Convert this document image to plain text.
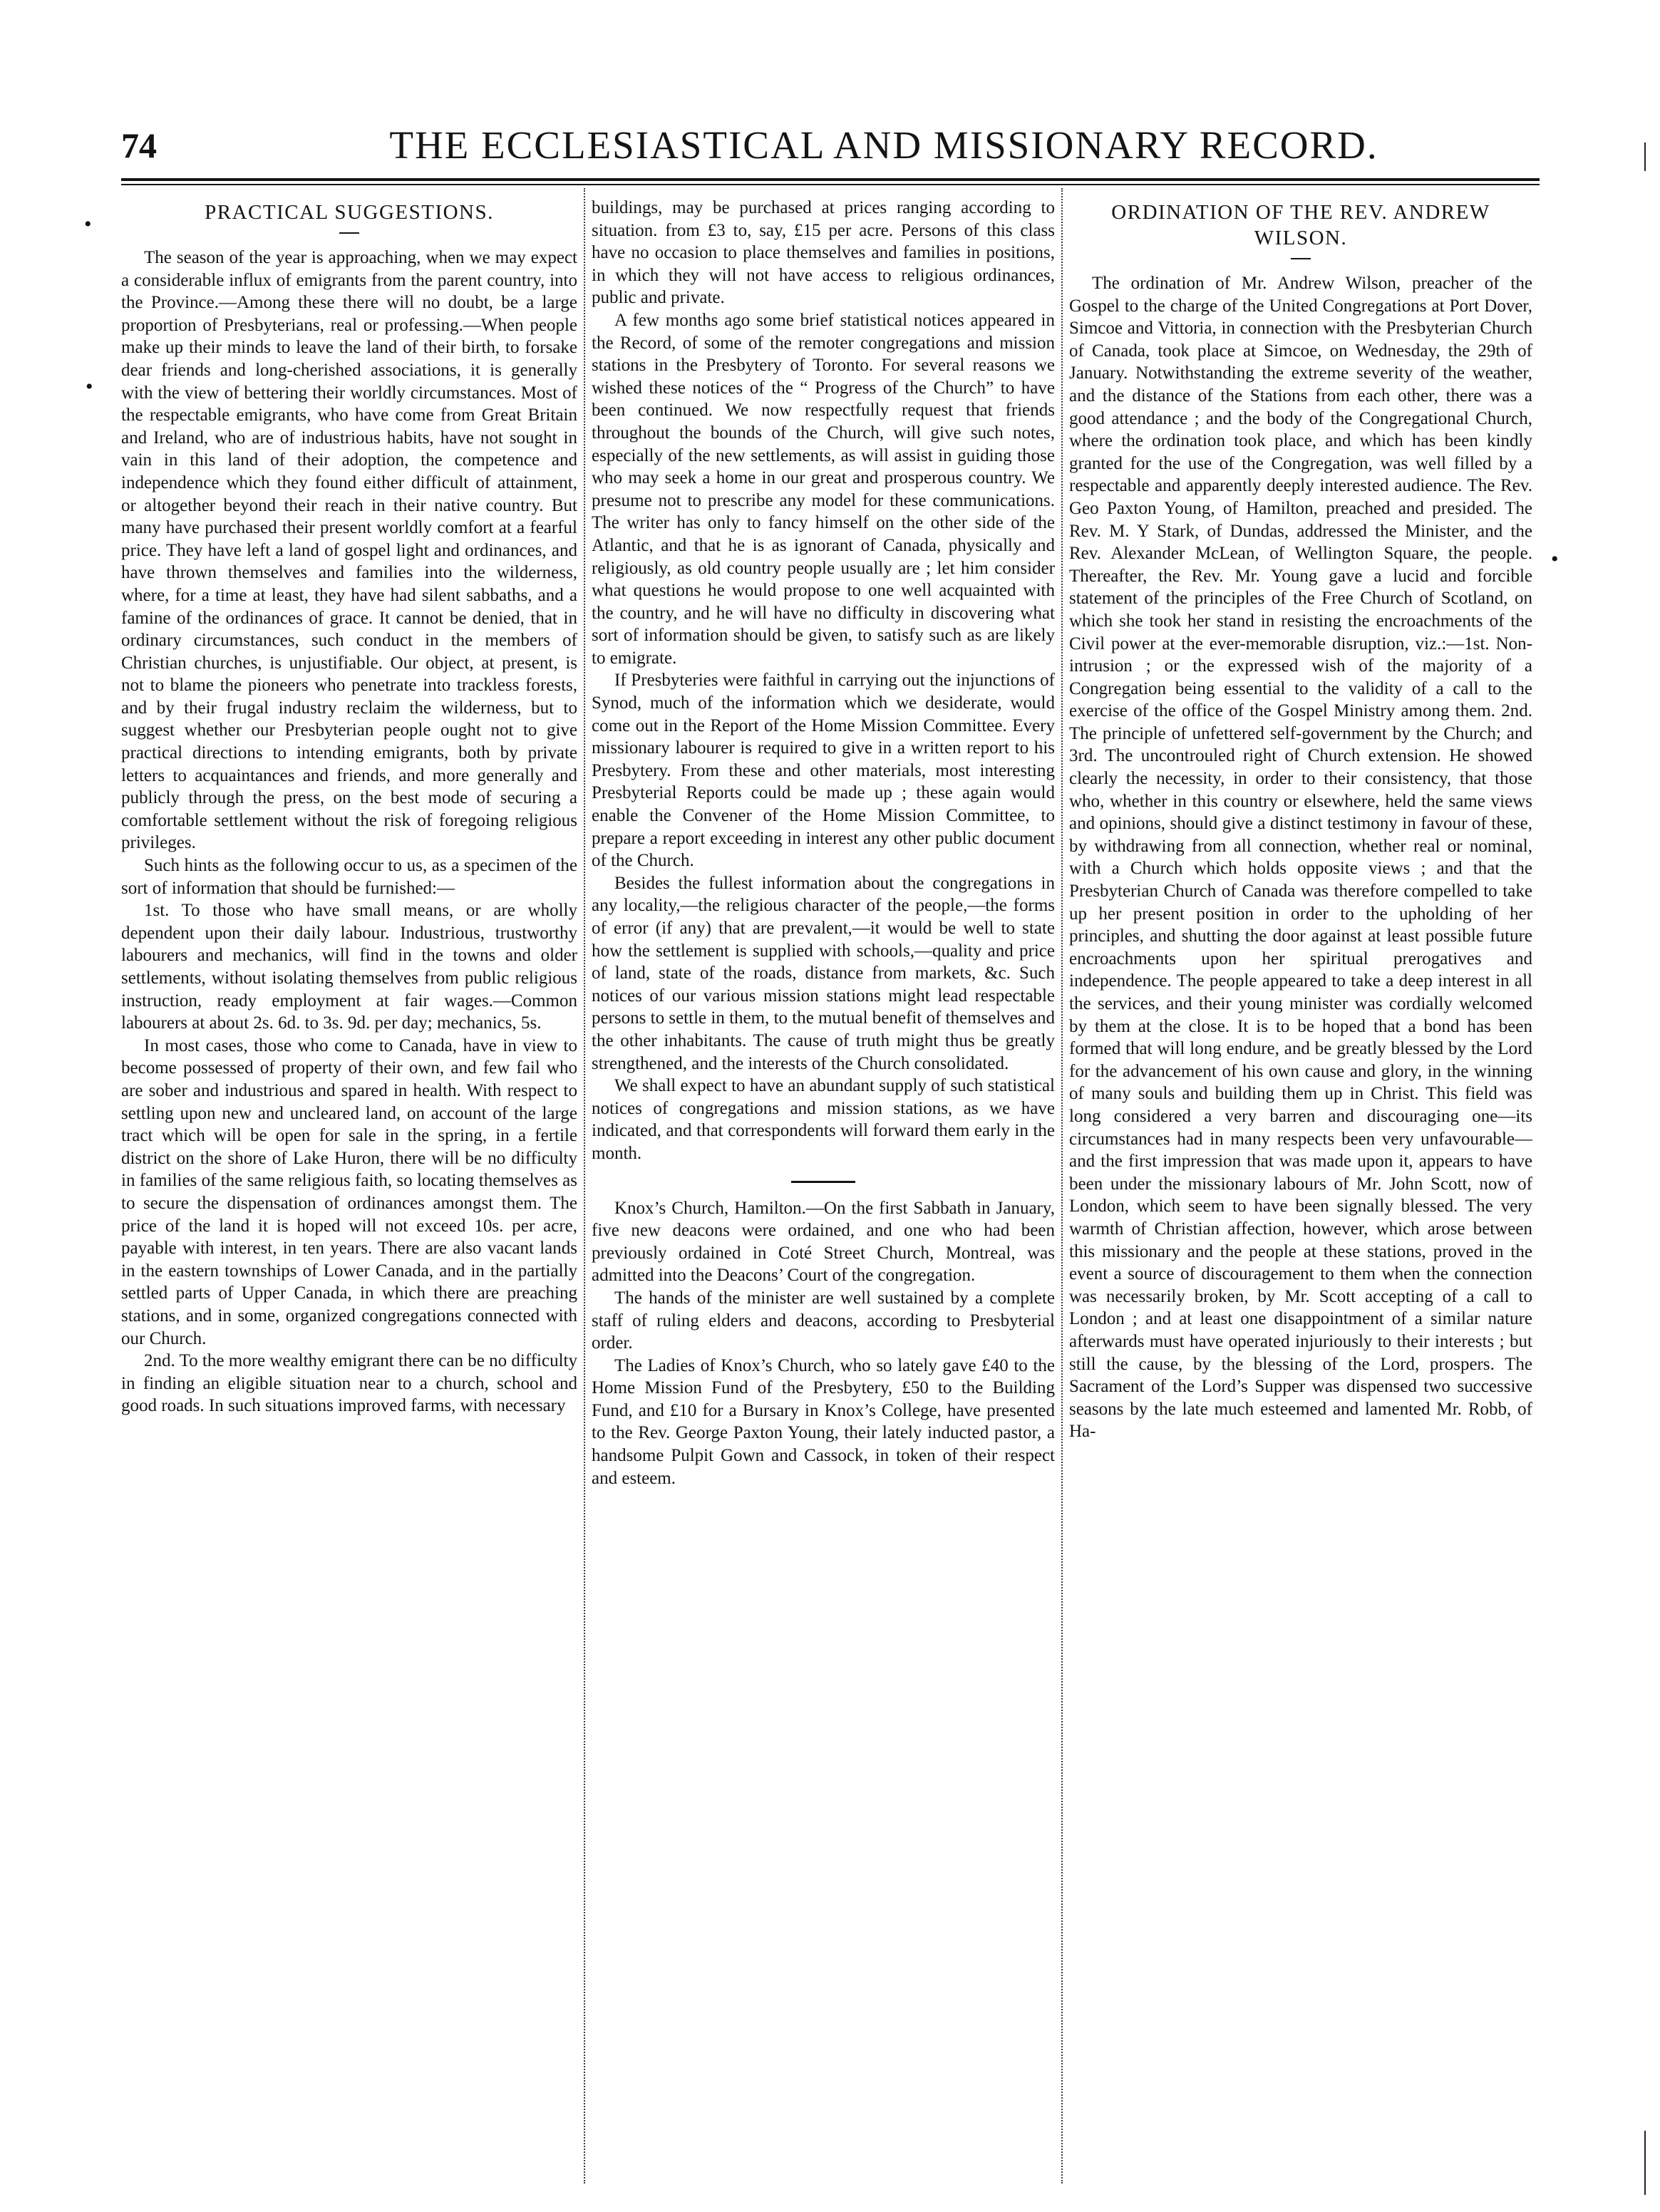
74	THE ECCLESIASTICAL AND MISSIONARY RECORD.
•
•
•
PRACTICAL SUGGESTIONS.

The season of the year is approaching, when we may expect a considerable influx of emigrants from the parent country, into the Province.—Among these there will no doubt, be a large proportion of Presbyterians, real or professing.—When people make up their minds to leave the land of their birth, to forsake dear friends and long-cherished associations, it is generally with the view of bettering their worldly circumstances. Most of the respectable emigrants, who have come from Great Britain and Ireland, who are of industrious habits, have not sought in vain in this land of their adoption, the competence and independence which they found either difficult of attainment, or altogether beyond their reach in their native country. But many have purchased their present worldly comfort at a fearful price. They have left a land of gospel light and ordinances, and have thrown themselves and families into the wilderness, where, for a time at least, they have had silent sabbaths, and a famine of the ordinances of grace. It cannot be denied, that in ordinary circumstances, such conduct in the members of Christian churches, is unjustifiable. Our object, at present, is not to blame the pioneers who penetrate into trackless forests, and by their frugal industry reclaim the wilderness, but to suggest whether our Presbyterian people ought not to give practical directions to intending emigrants, both by private letters to acquaintances and friends, and more generally and publicly through the press, on the best mode of securing a comfortable settlement without the risk of foregoing religious privileges.

Such hints as the following occur to us, as a specimen of the sort of information that should be furnished:—

1st. To those who have small means, or are wholly dependent upon their daily labour. Industrious, trustworthy labourers and mechanics, will find in the towns and older settlements, without isolating themselves from public religious instruction, ready employment at fair wages.—Common labourers at about 2s. 6d. to 3s. 9d. per day; mechanics, 5s.

In most cases, those who come to Canada, have in view to become possessed of property of their own, and few fail who are sober and industrious and spared in health. With respect to settling upon new and uncleared land, on account of the large tract which will be open for sale in the spring, in a fertile district on the shore of Lake Huron, there will be no difficulty in families of the same religious faith, so locating themselves as to secure the dispensation of ordinances amongst them. The price of the land it is hoped will not exceed 10s. per acre, payable with interest, in ten years. There are also vacant lands in the eastern townships of Lower Canada, and in the partially settled parts of Upper Canada, in which there are preaching stations, and in some, organized congregations connected with our Church.

2nd. To the more wealthy emigrant there can be no difficulty in finding an eligible situation near to a church, school and good roads. In such situations improved farms, with necessary

buildings, may be purchased at prices ranging according to situation. from £3 to, say, £15 per acre. Persons of this class have no occasion to place themselves and families in positions, in which they will not have access to religious ordinances, public and private.

A few months ago some brief statistical notices appeared in the Record, of some of the remoter congregations and mission stations in the Presbytery of Toronto. For several reasons we wished these notices of the “ Progress of the Church” to have been continued. We now respectfully request that friends throughout the bounds of the Church, will give such notes, especially of the new settlements, as will assist in guiding those who may seek a home in our great and prosperous country. We presume not to prescribe any model for these communications. The writer has only to fancy himself on the other side of the Atlantic, and that he is as ignorant of Canada, physically and religiously, as old country people usually are ; let him consider what questions he would propose to one well acquainted with the country, and he will have no difficulty in discovering what sort of information should be given, to satisfy such as are likely to emigrate.

If Presbyteries were faithful in carrying out the injunctions of Synod, much of the information which we desiderate, would come out in the Report of the Home Mission Committee. Every missionary labourer is required to give in a written report to his Presbytery. From these and other materials, most interesting Presbyterial Reports could be made up ; these again would enable the Convener of the Home Mission Committee, to prepare a report exceeding in interest any other public document of the Church.

Besides the fullest information about the congregations in any locality,—the religious character of the people,—the forms of error (if any) that are prevalent,—it would be well to state how the settlement is supplied with schools,—quality and price of land, state of the roads, distance from markets, &c. Such notices of our various mission stations might lead respectable persons to settle in them, to the mutual benefit of themselves and the other inhabitants. The cause of truth might thus be greatly strengthened, and the interests of the Church consolidated.

We shall expect to have an abundant supply of such statistical notices of congregations and mission stations, as we have indicated, and that correspondents will forward them early in the month.

Knox’s Church, Hamilton.—On the first Sabbath in January, five new deacons were ordained, and one who had been previously ordained in Coté Street Church, Montreal, was admitted into the Deacons’ Court of the congregation.

The hands of the minister are well sustained by a complete staff of ruling elders and deacons, according to Presbyterial order.

The Ladies of Knox’s Church, who so lately gave £40 to the Home Mission Fund of the Presbytery, £50 to the Building Fund, and £10 for a Bursary in Knox’s College, have presented to the Rev. George Paxton Young, their lately inducted pastor, a handsome Pulpit Gown and Cassock, in token of their respect and esteem.

ORDINATION OF THE REV. ANDREW WILSON.

The ordination of Mr. Andrew Wilson, preacher of the Gospel to the charge of the United Congregations at Port Dover, Simcoe and Vittoria, in connection with the Presbyterian Church of Canada, took place at Simcoe, on Wednesday, the 29th of January. Notwithstanding the extreme severity of the weather, and the distance of the Stations from each other, there was a good attendance ; and the body of the Congregational Church, where the ordination took place, and which has been kindly granted for the use of the Congregation, was well filled by a respectable and apparently deeply interested audience. The Rev. Geo Paxton Young, of Hamilton, preached and presided. The Rev. M. Y Stark, of Dundas, addressed the Minister, and the Rev. Alexander McLean, of Wellington Square, the people. Thereafter, the Rev. Mr. Young gave a lucid and forcible statement of the principles of the Free Church of Scotland, on which she took her stand in resisting the encroachments of the Civil power at the ever-memorable disruption, viz.:—1st. Non-intrusion ; or the expressed wish of the majority of a Congregation being essential to the validity of a call to the exercise of the office of the Gospel Ministry among them. 2nd. The principle of unfettered self-government by the Church; and 3rd. The uncontrouled right of Church extension. He showed clearly the necessity, in order to their consistency, that those who, whether in this country or elsewhere, held the same views and opinions, should give a distinct testimony in favour of these, by withdrawing from all connection, whether real or nominal, with a Church which holds opposite views ; and that the Presbyterian Church of Canada was therefore compelled to take up her present position in order to the upholding of her principles, and shutting the door against at least possible future encroachments upon her spiritual prerogatives and independence. The people appeared to take a deep interest in all the services, and their young minister was cordially welcomed by them at the close. It is to be hoped that a bond has been formed that will long endure, and be greatly blessed by the Lord for the advancement of his own cause and glory, in the winning of many souls and building them up in Christ. This field was long considered a very barren and discouraging one—its circumstances had in many respects been very unfavourable—and the first impression that was made upon it, appears to have been under the missionary labours of Mr. John Scott, now of London, which seem to have been signally blessed. The very warmth of Christian affection, however, which arose between this missionary and the people at these stations, proved in the event a source of discouragement to them when the connection was necessarily broken, by Mr. Scott accepting of a call to London ; and at least one disappointment of a similar nature afterwards must have operated injuriously to their interests ; but still the cause, by the blessing of the Lord, prospers. The Sacrament of the Lord’s Supper was dispensed two successive seasons by the late much esteemed and lamented Mr. Robb, of Ha-
